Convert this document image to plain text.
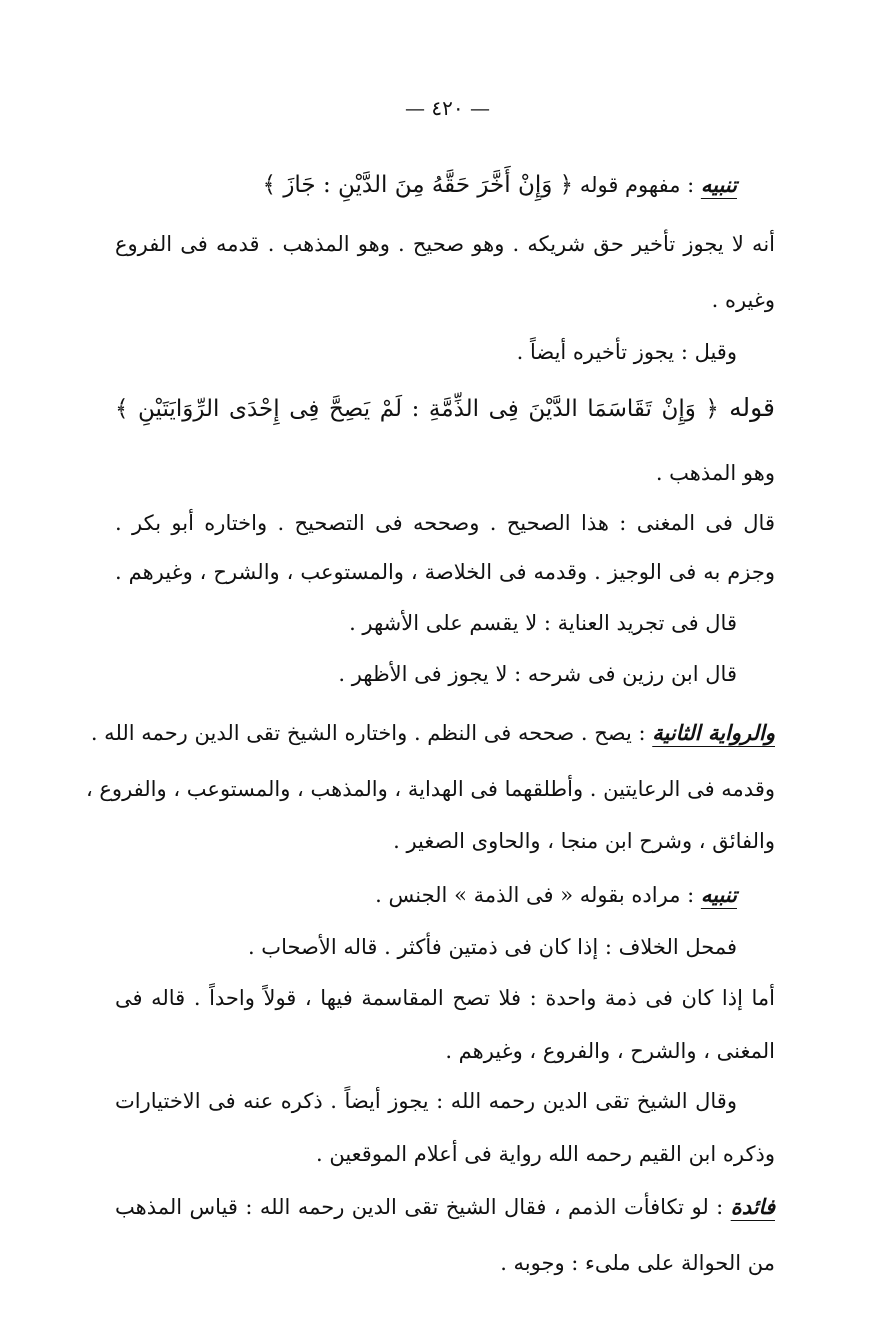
— ٤٢٠ —
تنبيه : مفهوم قوله ﴿ وَإِنْ أَخَّرَ حَقَّهُ مِنَ الدَّيْنِ : جَازَ ﴾
أنه لا يجوز تأخير حق شريكه . وهو صحيح . وهو المذهب . قدمه فى الفروع
وغيره .
وقيل : يجوز تأخيره أيضاً .
قوله ﴿ وَإِنْ تَقَاسَمَا الدَّيْنَ فِى الذِّمَّةِ : لَمْ يَصِحَّ فِى إِحْدَى الرِّوَايَتَيْنِ ﴾
وهو المذهب .
قال فى المغنى : هذا الصحيح . وصححه فى التصحيح . واختاره أبو بكر .
وجزم به فى الوجيز . وقدمه فى الخلاصة ، والمستوعب ، والشرح ، وغيرهم .
قال فى تجريد العناية : لا يقسم على الأشهر .
قال ابن رزين فى شرحه : لا يجوز فى الأظهر .
والرواية الثانية : يصح . صححه فى النظم . واختاره الشيخ تقى الدين رحمه الله .
وقدمه فى الرعايتين . وأطلقهما فى الهداية ، والمذهب ، والمستوعب ، والفروع ،
والفائق ، وشرح ابن منجا ، والحاوى الصغير .
تنبيه : مراده بقوله « فى الذمة » الجنس .
فمحل الخلاف : إذا كان فى ذمتين فأكثر . قاله الأصحاب .
أما إذا كان فى ذمة واحدة : فلا تصح المقاسمة فيها ، قولاً واحداً . قاله فى
المغنى ، والشرح ، والفروع ، وغيرهم .
وقال الشيخ تقى الدين رحمه الله : يجوز أيضاً . ذكره عنه فى الاختيارات
وذكره ابن القيم رحمه الله رواية فى أعلام الموقعين .
فائدة : لو تكافأت الذمم ، فقال الشيخ تقى الدين رحمه الله : قياس المذهب
من الحوالة على ملىء : وجوبه .
